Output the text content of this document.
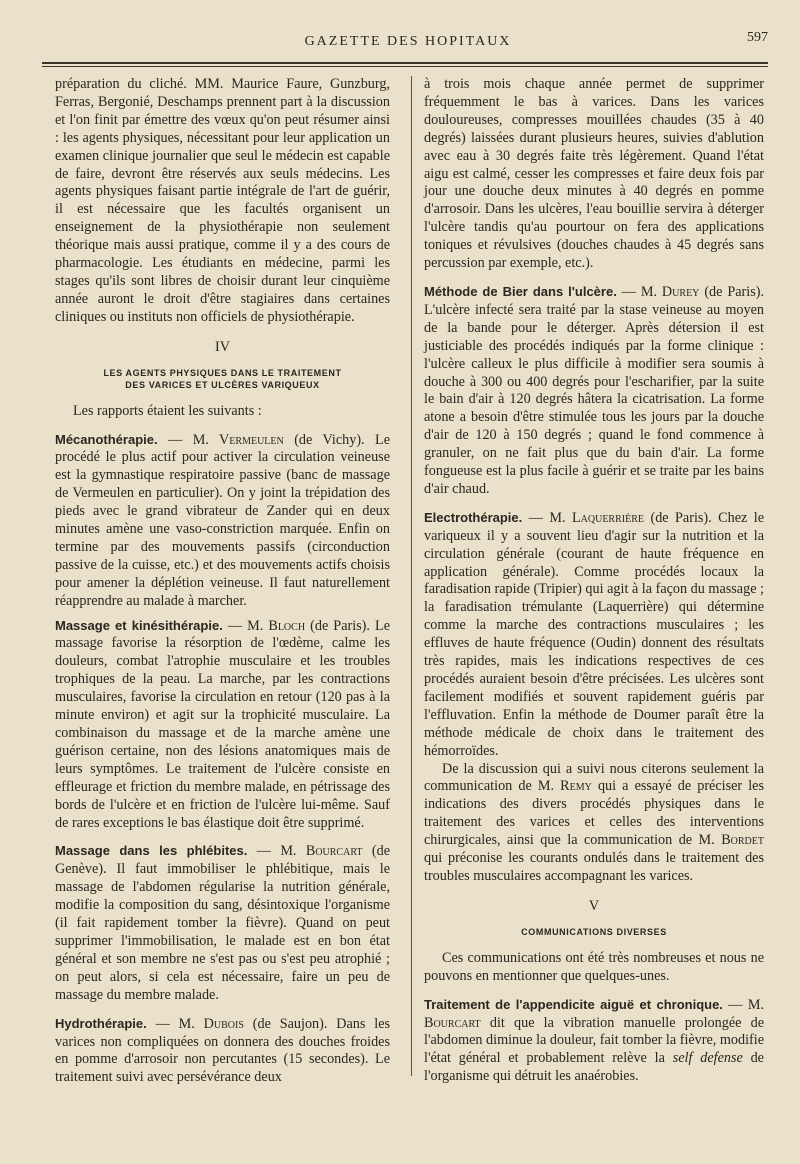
GAZETTE DES HOPITAUX	597

préparation du cliché. MM. Maurice Faure, Gunzburg, Ferras, Bergonié, Deschamps prennent part à la discussion et l'on finit par émettre des vœux qu'on peut résumer ainsi : les agents physiques, nécessitant pour leur application un examen clinique journalier que seul le médecin est capable de faire, devront être réservés aux seuls médecins. Les agents physiques faisant partie intégrale de l'art de guérir, il est nécessaire que les facultés organisent un enseignement de la physiothérapie non seulement théorique mais aussi pratique, comme il y a des cours de pharmacologie. Les étudiants en médecine, parmi les stages qu'ils sont libres de choisir durant leur cinquième année auront le droit d'être stagiaires dans certaines cliniques ou instituts non officiels de physiothérapie.

IV
LES AGENTS PHYSIQUES DANS LE TRAITEMENT
DES VARICES ET ULCÈRES VARIQUEUX

Les rapports étaient les suivants :

Mécanothérapie. — M. Vermeulen (de Vichy). Le procédé le plus actif pour activer la circulation veineuse est la gymnastique respiratoire passive (banc de massage de Vermeulen en particulier). On y joint la trépidation des pieds avec le grand vibrateur de Zander qui en deux minutes amène une vaso-constriction marquée. Enfin on termine par des mouvements passifs (circonduction passive de la cuisse, etc.) et des mouvements actifs choisis pour amener la déplétion veineuse. Il faut naturellement réapprendre au malade à marcher.

Massage et kinésithérapie. — M. Bloch (de Paris). Le massage favorise la résorption de l'œdème, calme les douleurs, combat l'atrophie musculaire et les troubles trophiques de la peau. La marche, par les contractions musculaires, favorise la circulation en retour (120 pas à la minute environ) et agit sur la trophicité musculaire. La combinaison du massage et de la marche amène une guérison certaine, non des lésions anatomiques mais de leurs symptômes. Le traitement de l'ulcère consiste en effleurage et friction du membre malade, en pétrissage des bords de l'ulcère et en friction de l'ulcère lui-même. Sauf de rares exceptions le bas élastique doit être supprimé.

Massage dans les phlébites. — M. Bourcart (de Genève). Il faut immobiliser le phlébitique, mais le massage de l'abdomen régularise la nutrition générale, modifie la composition du sang, désintoxique l'organisme (il fait rapidement tomber la fièvre). Quand on peut supprimer l'immobilisation, le malade est en bon état général et son membre ne s'est pas ou s'est peu atrophié ; on peut alors, si cela est nécessaire, faire un peu de massage du membre malade.

Hydrothérapie. — M. Dubois (de Saujon). Dans les varices non compliquées on donnera des douches froides en pomme d'arrosoir non percutantes (15 secondes). Le traitement suivi avec persévérance deux

à trois mois chaque année permet de supprimer fréquemment le bas à varices. Dans les varices douloureuses, compresses mouillées chaudes (35 à 40 degrés) laissées durant plusieurs heures, suivies d'ablution avec eau à 30 degrés faite très légèrement. Quand l'état aigu est calmé, cesser les compresses et faire deux fois par jour une douche deux minutes à 40 degrés en pomme d'arrosoir. Dans les ulcères, l'eau bouillie servira à déterger l'ulcère tandis qu'au pourtour on fera des applications toniques et révulsives (douches chaudes à 45 degrés sans percussion par exemple, etc.).

Méthode de Bier dans l'ulcère. — M. Durey (de Paris). L'ulcère infecté sera traité par la stase veineuse au moyen de la bande pour le déterger. Après détersion il est justiciable des procédés indiqués par la forme clinique : l'ulcère calleux le plus difficile à modifier sera soumis à douche à 300 ou 400 degrés pour l'escharifier, par la suite le bain d'air à 120 degrés hâtera la cicatrisation. La forme atone a besoin d'être stimulée tous les jours par la douche d'air de 120 à 150 degrés ; quand le fond commence à granuler, on ne fait plus que du bain d'air. La forme fongueuse est la plus facile à guérir et se traite par les bains d'air chaud.

Electrothérapie. — M. Laquerrière (de Paris). Chez le variqueux il y a souvent lieu d'agir sur la nutrition et la circulation générale (courant de haute fréquence en application générale). Comme procédés locaux la faradisation rapide (Tripier) qui agit à la façon du massage ; la faradisation trémulante (Laquerrière) qui détermine comme la marche des contractions musculaires ; les effluves de haute fréquence (Oudin) donnent des résultats très rapides, mais les indications respectives de ces procédés auraient besoin d'être précisées. Les ulcères sont facilement modifiés et souvent rapidement guéris par l'effluvation. Enfin la méthode de Doumer paraît être la méthode médicale de choix dans le traitement des hémorroïdes.

De la discussion qui a suivi nous citerons seulement la communication de M. Remy qui a essayé de préciser les indications des divers procédés physiques dans le traitement des varices et celles des interventions chirurgicales, ainsi que la communication de M. Bordet qui préconise les courants ondulés dans le traitement des troubles musculaires accompagnant les varices.

V
COMMUNICATIONS DIVERSES

Ces communications ont été très nombreuses et nous ne pouvons en mentionner que quelques-unes.

Traitement de l'appendicite aiguë et chronique. — M. Bourcart dit que la vibration manuelle prolongée de l'abdomen diminue la douleur, fait tomber la fièvre, modifie l'état général et probablement relève la self defense de l'organisme qui détruit les anaérobies.
